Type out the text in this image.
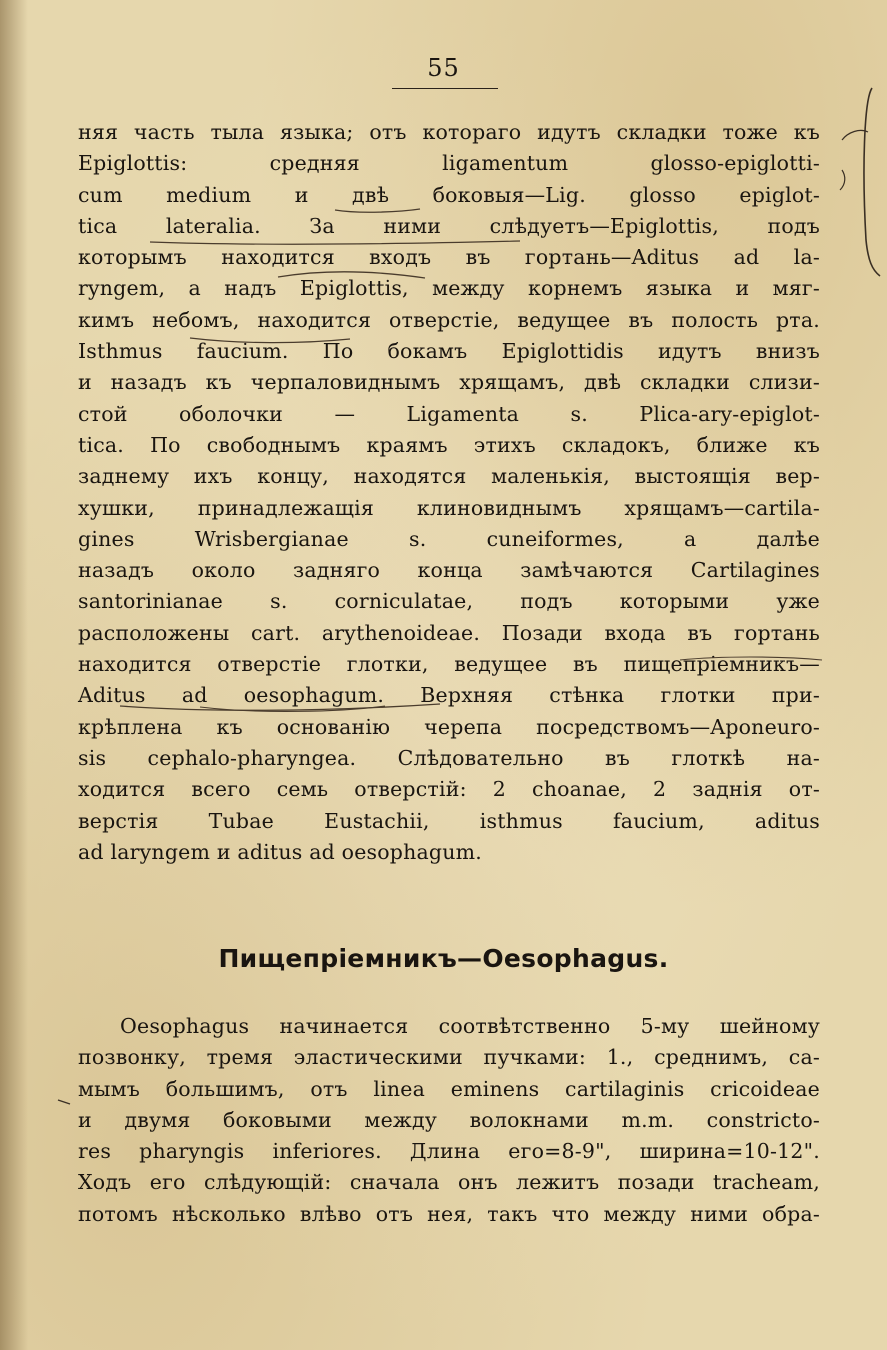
55
няя часть тыла языка; отъ котораго идутъ складки тоже къ
Epiglottis: средняя ligamentum glosso-epiglotti-
cum medium и двѣ боковыя—Lig. glosso epiglot-
tica lateralia. За ними слѣдуетъ—Epiglottis, подъ
которымъ находится входъ въ гортань—Aditus ad la-
ryngem, а надъ Epiglottis, между корнемъ языка и мяг-
кимъ небомъ, находится отверстіе, ведущее въ полость рта.
Isthmus faucium. По бокамъ Epiglottidis идутъ внизъ
и назадъ къ черпаловиднымъ хрящамъ, двѣ складки слизи-
стой оболочки — Ligamenta s. Plica-ary-epiglot-
tica. По свободнымъ краямъ этихъ складокъ, ближе къ
заднему ихъ концу, находятся маленькія, выстоящія вер-
хушки, принадлежащія клиновиднымъ хрящамъ—cartila-
gines Wrisbergianae s. cuneiformes, а далѣе
назадъ около задняго конца замѣчаются Cartilagines
santorinianae s. corniculatae, подъ которыми уже
расположены cart. arythenoideae. Позади входа въ гортань
находится отверстіе глотки, ведущее въ пищепріемникъ—
Aditus ad oesophagum. Верхняя стѣнка глотки при-
крѣплена къ основанію черепа посредствомъ—Aponeuro-
sis cephalo-pharyngea. Слѣдовательно въ глоткѣ на-
ходится всего семь отверстій: 2 choanae, 2 заднія от-
верстія Tubae Eustachii, isthmus faucium, aditus
ad laryngem и aditus ad oesophagum.
Пищепріемникъ—Oesophagus.
Oesophagus начинается соотвѣтственно 5-му шейному
позвонку, тремя эластическими пучками: 1., среднимъ, са-
мымъ большимъ, отъ linea eminens cartilaginis cricoideae
и двумя боковыми между волокнами m.m. constricto-
res pharyngis inferiores. Длина его=8-9", ширина=10-12".
Ходъ его слѣдующій: сначала онъ лежитъ позади tracheam,
потомъ нѣсколько влѣво отъ нея, такъ что между ними обра-
